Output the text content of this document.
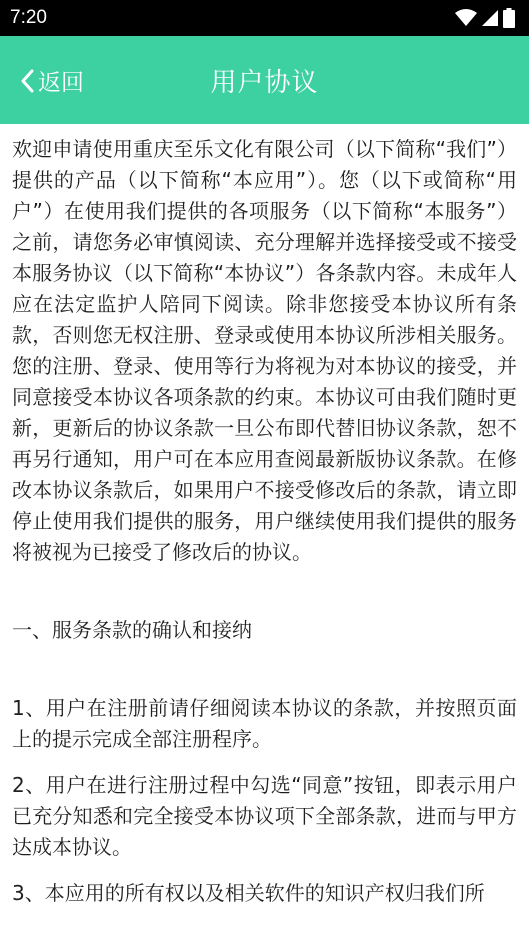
7:20
返回	用户协议

欢迎申请使用重庆至乐文化有限公司（以下简称“我们”）提供的产品（以下简称“本应用”）。您（以下或简称“用户”）在使用我们提供的各项服务（以下简称“本服务”）之前，请您务必审慎阅读、充分理解并选择接受或不接受本服务协议（以下简称“本协议”）各条款内容。未成年人应在法定监护人陪同下阅读。除非您接受本协议所有条款，否则您无权注册、登录或使用本协议所涉相关服务。您的注册、登录、使用等行为将视为对本协议的接受，并同意接受本协议各项条款的约束。本协议可由我们随时更新，更新后的协议条款一旦公布即代替旧协议条款，恕不再另行通知，用户可在本应用查阅最新版协议条款。在修改本协议条款后，如果用户不接受修改后的条款，请立即停止使用我们提供的服务，用户继续使用我们提供的服务将被视为已接受了修改后的协议。

一、服务条款的确认和接纳

1、用户在注册前请仔细阅读本协议的条款，并按照页面上的提示完成全部注册程序。

2、用户在进行注册过程中勾选“同意”按钮，即表示用户已充分知悉和完全接受本协议项下全部条款，进而与甲方达成本协议。

3、本应用的所有权以及相关软件的知识产权归我们所
